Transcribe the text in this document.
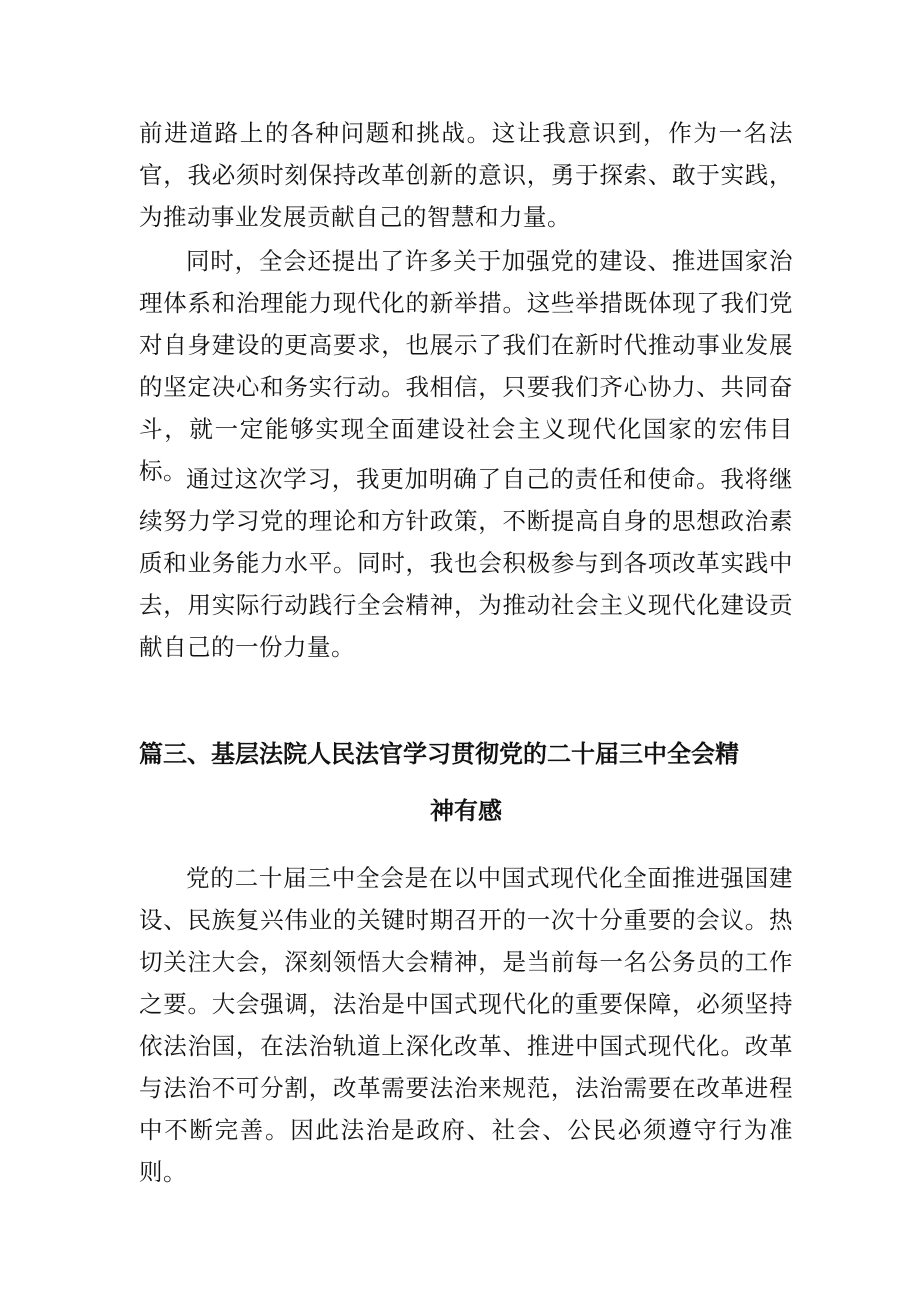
前进道路上的各种问题和挑战。这让我意识到，作为一名法官，我必须时刻保持改革创新的意识，勇于探索、敢于实践，为推动事业发展贡献自己的智慧和力量。

同时，全会还提出了许多关于加强党的建设、推进国家治理体系和治理能力现代化的新举措。这些举措既体现了我们党对自身建设的更高要求，也展示了我们在新时代推动事业发展的坚定决心和务实行动。我相信，只要我们齐心协力、共同奋斗，就一定能够实现全面建设社会主义现代化国家的宏伟目标。 通过这次学习，我更加明确了自己的责任和使命。我将继续努力学习党的理论和方针政策，不断提高自身的思想政治素质和业务能力水平。同时，我也会积极参与到各项改革实践中去，用实际行动践行全会精神，为推动社会主义现代化建设贡献自己的一份力量。

篇三、基层法院人民法官学习贯彻党的二十届三中全会精
神有感

党的二十届三中全会是在以中国式现代化全面推进强国建设、民族复兴伟业的关键时期召开的一次十分重要的会议。热切关注大会，深刻领悟大会精神，是当前每一名公务员的工作之要。大会强调，法治是中国式现代化的重要保障，必须坚持依法治国，在法治轨道上深化改革、推进中国式现代化。改革与法治不可分割，改革需要法治来规范，法治需要在改革进程中不断完善。因此法治是政府、社会、公民必须遵守行为准则。
